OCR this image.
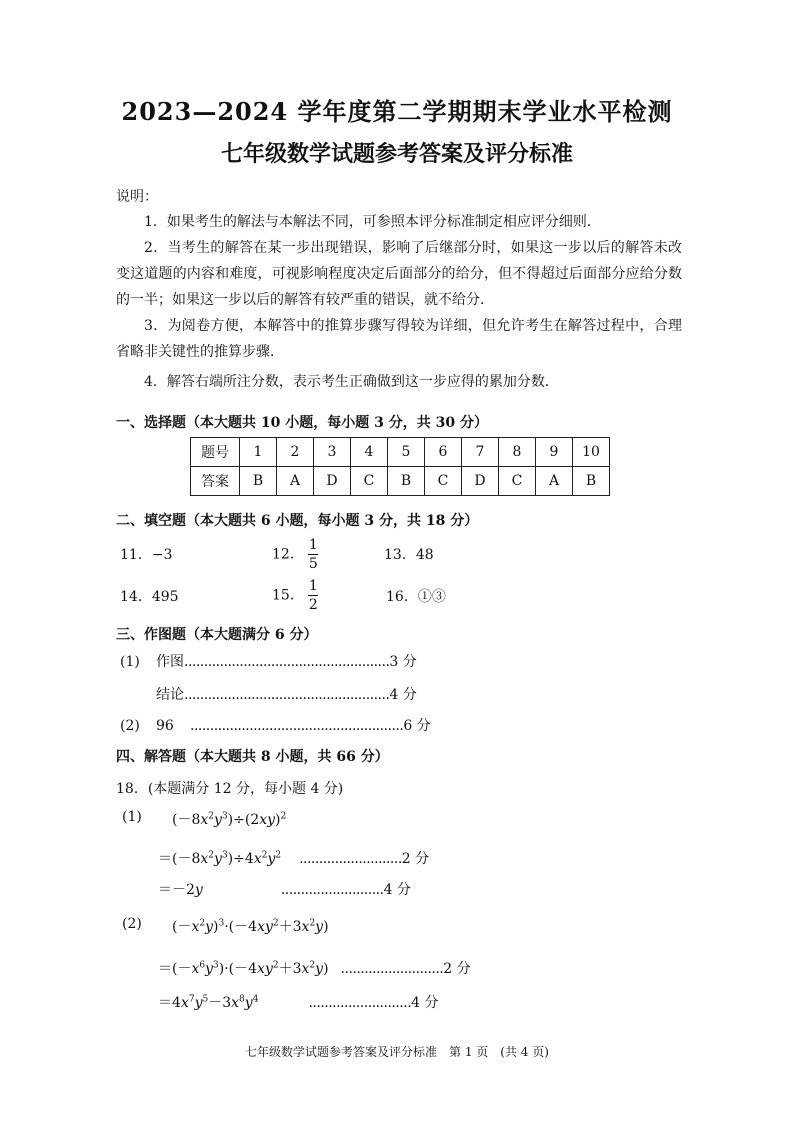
2023—2024 学年度第二学期期末学业水平检测
七年级数学试题参考答案及评分标准
说明：
1．如果考生的解法与本解法不同，可参照本评分标准制定相应评分细则．
2．当考生的解答在某一步出现错误，影响了后继部分时，如果这一步以后的解答未改变这道题的内容和难度，可视影响程度决定后面部分的给分，但不得超过后面部分应给分数的一半；如果这一步以后的解答有较严重的错误，就不给分．
3．为阅卷方便，本解答中的推算步骤写得较为详细，但允许考生在解答过程中，合理省略非关键性的推算步骤．
4．解答右端所注分数，表示考生正确做到这一步应得的累加分数．
一、选择题（本大题共 10 小题，每小题 3 分，共 30 分）
题号	1	2	3	4	5	6	7	8	9	10
答案	B	A	D	C	B	C	D	C	A	B
二、填空题（本大题共 6 小题，每小题 3 分，共 18 分）
11．−3	12． $\frac{1}{5}$	13．48
14．495	15． $\frac{1}{2}$	16．①③
三、作图题（本大题满分 6 分）
(1) 作图....................................................3 分
结论....................................................4 分
(2) 96 ......................................................6 分
四、解答题（本大题共 8 小题，共 66 分）
18．(本题满分 12 分，每小题 4 分)
(1) $(-8x^2y^3)\div(2xy)^2$
$=(-8x^2y^3)\div 4x^2y^2$ ..........................2 分
＝－2y	..........................4 分
(2) $(-x^2y)^3\cdot(-4xy^2+3x^2y)$
$=(-x^6y^3)\cdot(-4xy^2+3x^2y)$ ..........................2 分
$=4x^7y^5-3x^8y^4$	..........................4 分
七年级数学试题参考答案及评分标准　第 1 页　(共 4 页)
